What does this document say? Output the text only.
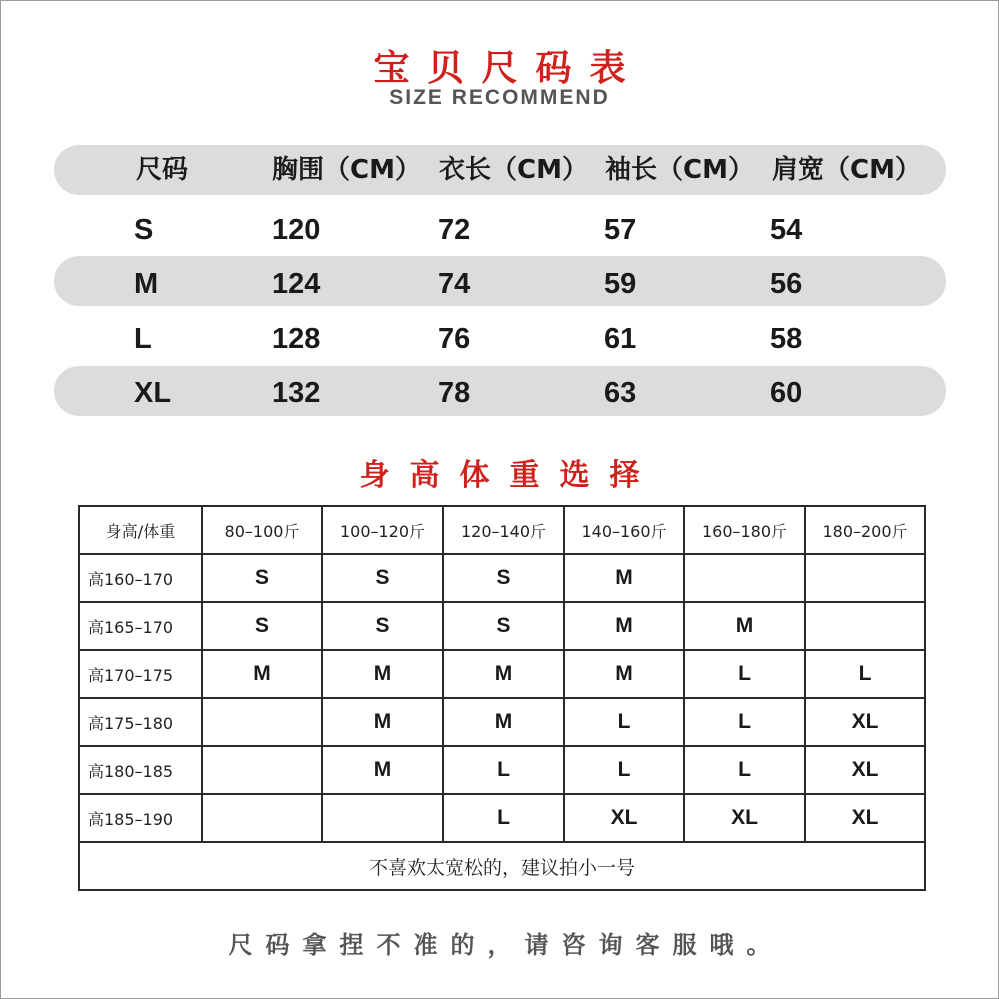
宝贝尺码表
SIZE RECOMMEND
尺码	胸围（CM） 衣长（CM） 袖长（CM） 肩宽（CM）
S	120	72	57	54
M	124	74	59	56
L	128	76	61	58
XL	132	78	63	60
身高体重选择
身高/体重	80–100斤	100–120斤	120–140斤	140–160斤	160–180斤	180–200斤
高160–170	S	S	S	M		
高165–170	S	S	S	M	M	
高170–175	M	M	M	M	L	L
高175–180		M	M	L	L	XL
高180–185		M	L	L	L	XL
高185–190			L	XL	XL	XL
不喜欢太宽松的，建议拍小一号						
尺码拿捏不准的，请咨询客服哦。
